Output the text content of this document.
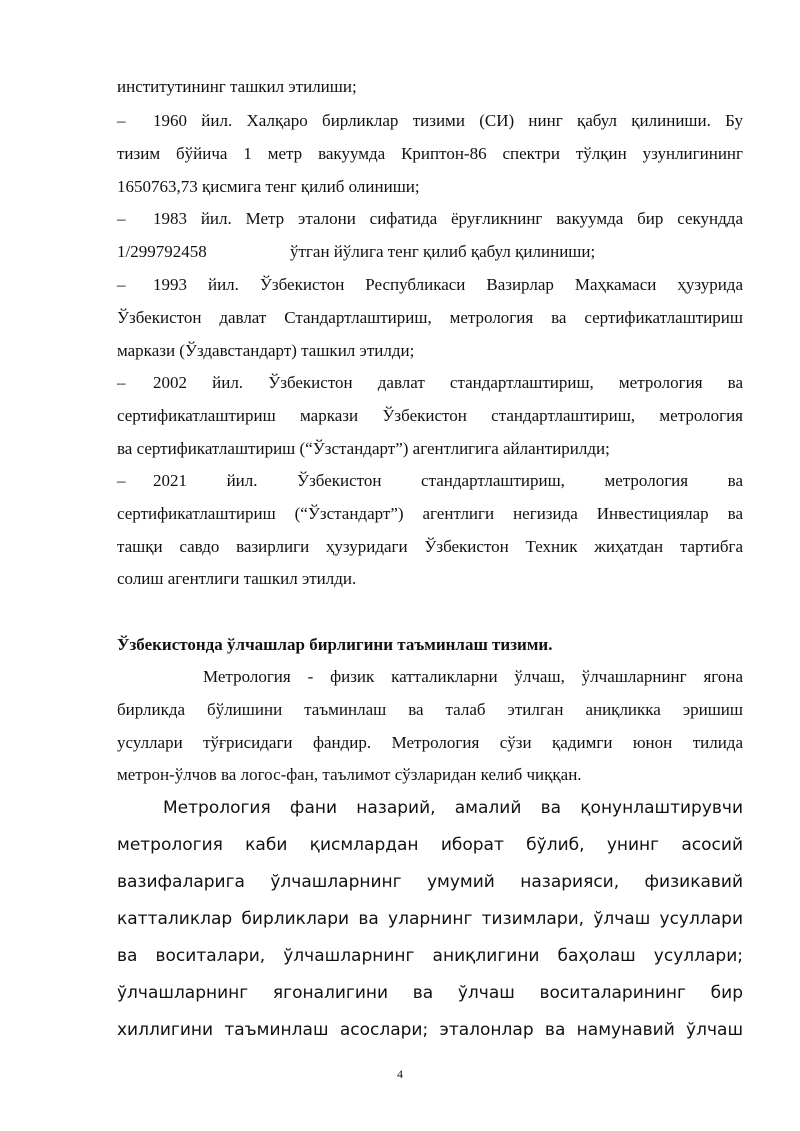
институтининг ташкил этилиши;
– 1960 йил. Халқаро бирликлар тизими (СИ) нинг қабул қилиниши. Бу
тизим бўйича 1 метр вакуумда Криптон-86 спектри тўлқин узунлигининг
1650763,73 қисмига тенг қилиб олиниши;
– 1983 йил. Метр эталони сифатида ёруғликнинг вакуумда бир секундда
1/299792458	ўтган йўлига тенг қилиб қабул қилиниши;
– 1993 йил. Ўзбекистон Республикаси Вазирлар Маҳкамаси ҳузурида
Ўзбекистон давлат Стандартлаштириш, метрология ва сертификатлаштириш
маркази (Ўздавстандарт) ташкил этилди;
– 2002 йил. Ўзбекистон давлат стандартлаштириш, метрология ва
сертификатлаштириш маркази Ўзбекистон стандартлаштириш, метрология
ва сертификатлаштириш (“Ўзстандарт”) агентлигига айлантирилди;
– 2021 йил. Ўзбекистон стандартлаштириш, метрология ва
сертификатлаштириш (“Ўзстандарт”) агентлиги негизида Инвестициялар ва
ташқи савдо вазирлиги ҳузуридаги Ўзбекистон Техник жиҳатдан тартибга
солиш агентлиги ташкил этилди.
Ўзбекистонда ўлчашлар бирлигини таъминлаш тизими.
Метрология - физик катталикларни ўлчаш, ўлчашларнинг ягона
бирликда бўлишини таъминлаш ва талаб этилган аниқликка эришиш
усуллари тўғрисидаги фандир. Метрология сўзи қадимги юнон тилида
метрон-ўлчов ва логос-фан, таълимот сўзларидан келиб чиққан.
Метрология фани назарий, амалий ва қонунлаштирувчи
метрология каби қисмлардан иборат бўлиб, унинг асосий
вазифаларига ўлчашларнинг умумий назарияси, физикавий
катталиклар бирликлари ва уларнинг тизимлари, ўлчаш усуллари
ва воситалари, ўлчашларнинг аниқлигини баҳолаш усуллари;
ўлчашларнинг ягоналигини ва ўлчаш воситаларининг бир
хиллигини таъминлаш асослари; эталонлар ва намунавий ўлчаш
4
